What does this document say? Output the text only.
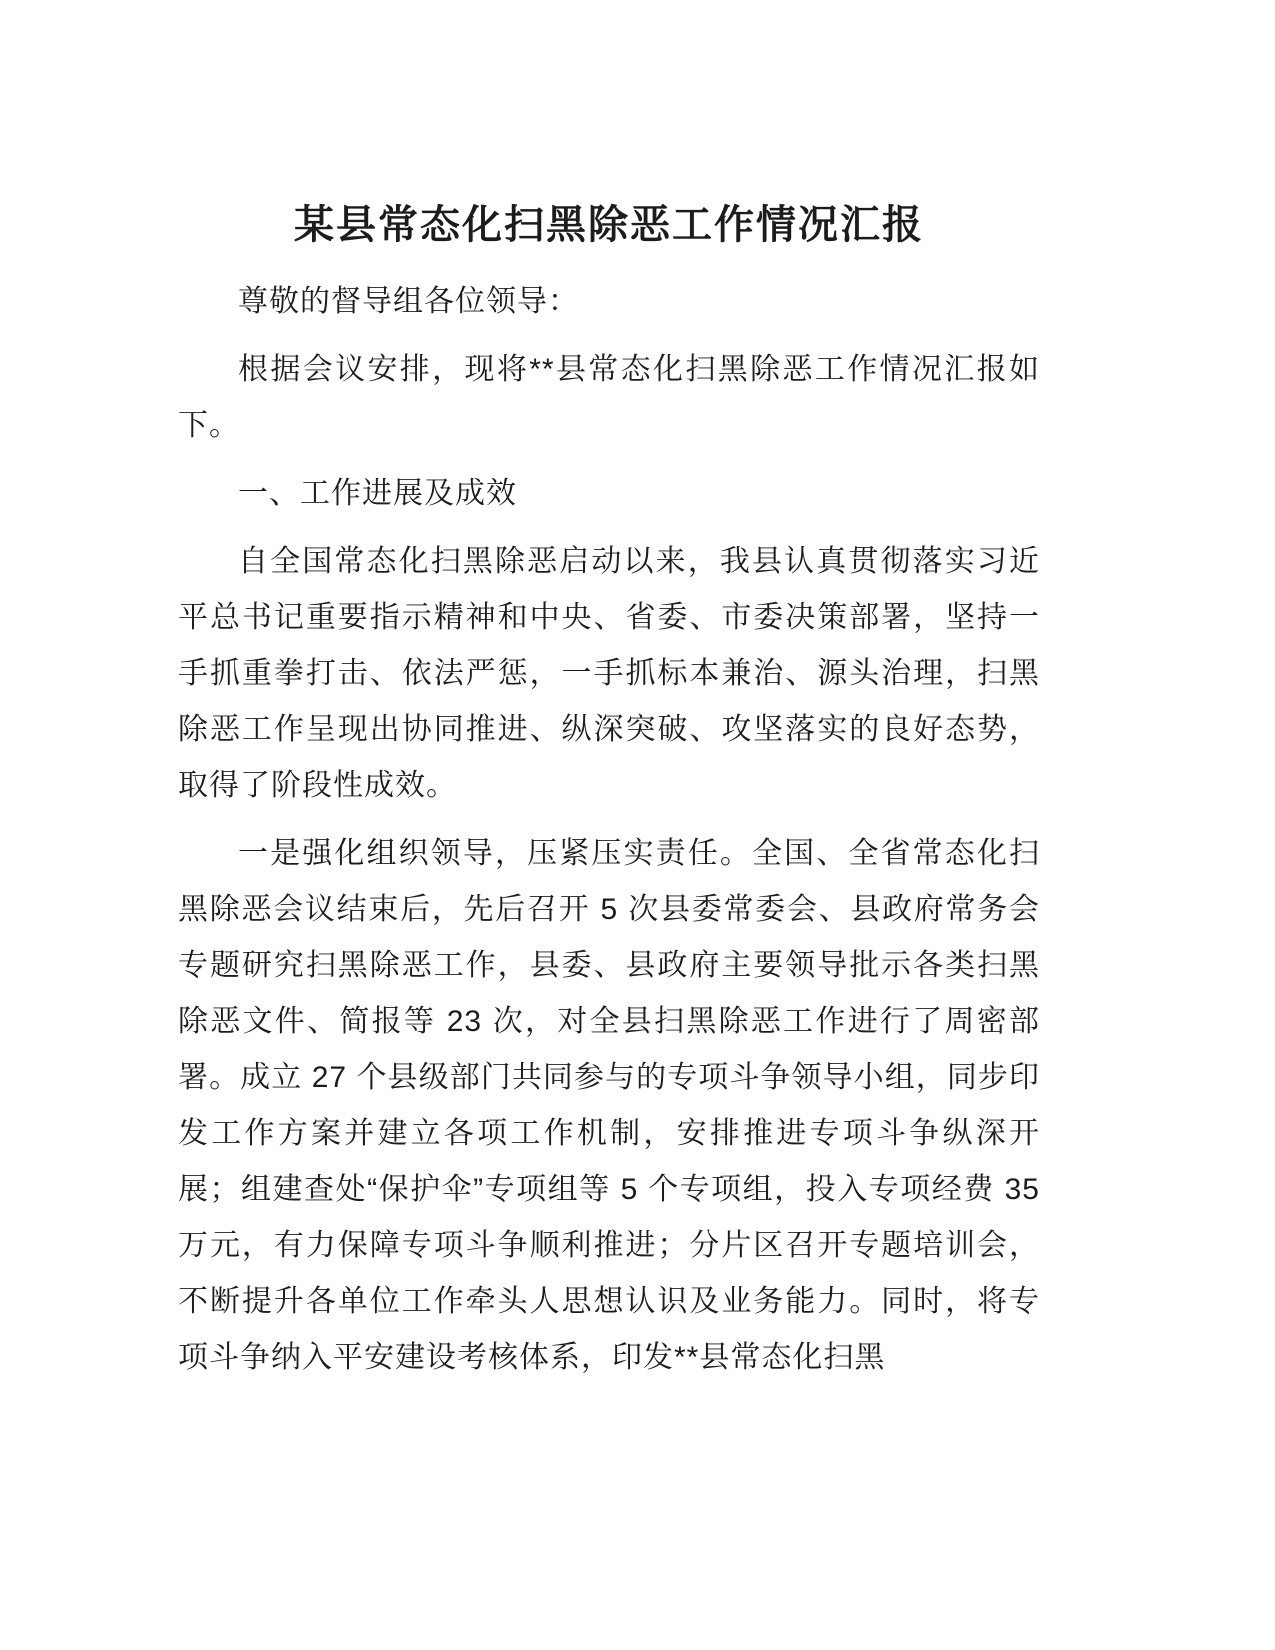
某县常态化扫黑除恶工作情况汇报

尊敬的督导组各位领导：

根据会议安排，现将**县常态化扫黑除恶工作情况汇报如下。

一、工作进展及成效

自全国常态化扫黑除恶启动以来，我县认真贯彻落实习近平总书记重要指示精神和中央、省委、市委决策部署，坚持一手抓重拳打击、依法严惩，一手抓标本兼治、源头治理，扫黑除恶工作呈现出协同推进、纵深突破、攻坚落实的良好态势，取得了阶段性成效。

一是强化组织领导，压紧压实责任。全国、全省常态化扫黑除恶会议结束后，先后召开 5 次县委常委会、县政府常务会专题研究扫黑除恶工作，县委、县政府主要领导批示各类扫黑除恶文件、简报等 23 次，对全县扫黑除恶工作进行了周密部署。成立 27 个县级部门共同参与的专项斗争领导小组，同步印发工作方案并建立各项工作机制，安排推进专项斗争纵深开展；组建查处“保护伞”专项组等 5 个专项组，投入专项经费 35 万元，有力保障专项斗争顺利推进；分片区召开专题培训会，不断提升各单位工作牵头人思想认识及业务能力。同时，将专项斗争纳入平安建设考核体系，印发**县常态化扫黑
